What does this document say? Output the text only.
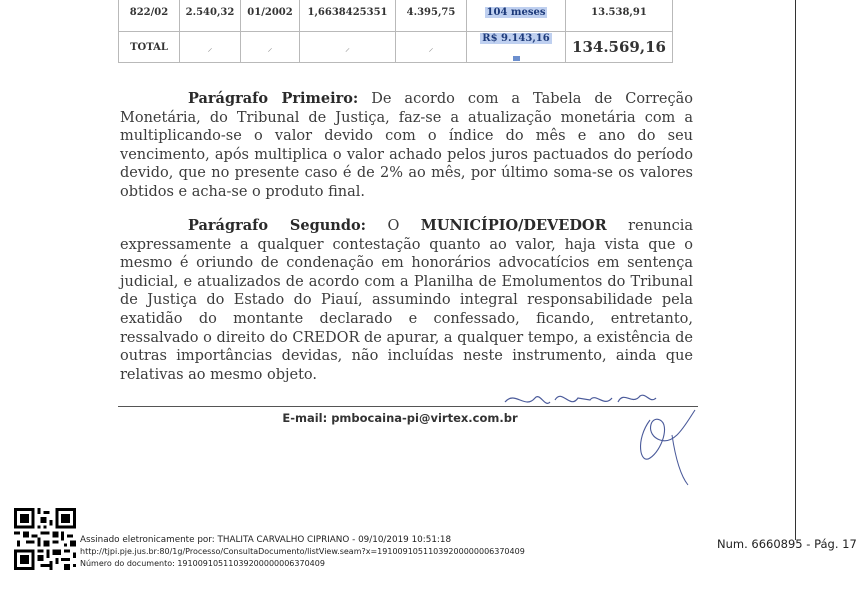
822/02	2.540,32	01/2002	1,6638425351	4.395,75	104 meses	13.538,91
TOTAL	⸝	⸝	⸝	⸝	R$ 9.143,16	134.569,16

Parágrafo Primeiro: De acordo com a Tabela de Correção Monetária, do Tribunal de Justiça, faz-se a atualização monetária com a multiplicando-se o valor devido com o índice do mês e ano do seu vencimento, após multiplica o valor achado pelos juros pactuados do período devido, que no presente caso é de 2% ao mês, por último soma-se os valores obtidos e acha-se o produto final.

Parágrafo Segundo: O MUNICÍPIO/DEVEDOR renuncia expressamente a qualquer contestação quanto ao valor, haja vista que o mesmo é oriundo de condenação em honorários advocatícios em sentença judicial, e atualizados de acordo com a Planilha de Emolumentos do Tribunal de Justiça do Estado do Piauí, assumindo integral responsabilidade pela exatidão do montante declarado e confessado, ficando, entretanto, ressalvado o direito do CREDOR de apurar, a qualquer tempo, a existência de outras importâncias devidas, não incluídas neste instrumento, ainda que relativas ao mesmo objeto.

E-mail: pmbocaina-pi@virtex.com.br
Assinado eletronicamente por: THALITA CARVALHO CIPRIANO - 09/10/2019 10:51:18
http://tjpi.pje.jus.br:80/1g/Processo/ConsultaDocumento/listView.seam?x=19100910511039200000006370409
Número do documento: 19100910511039200000006370409
Num. 6660895 - Pág. 17
